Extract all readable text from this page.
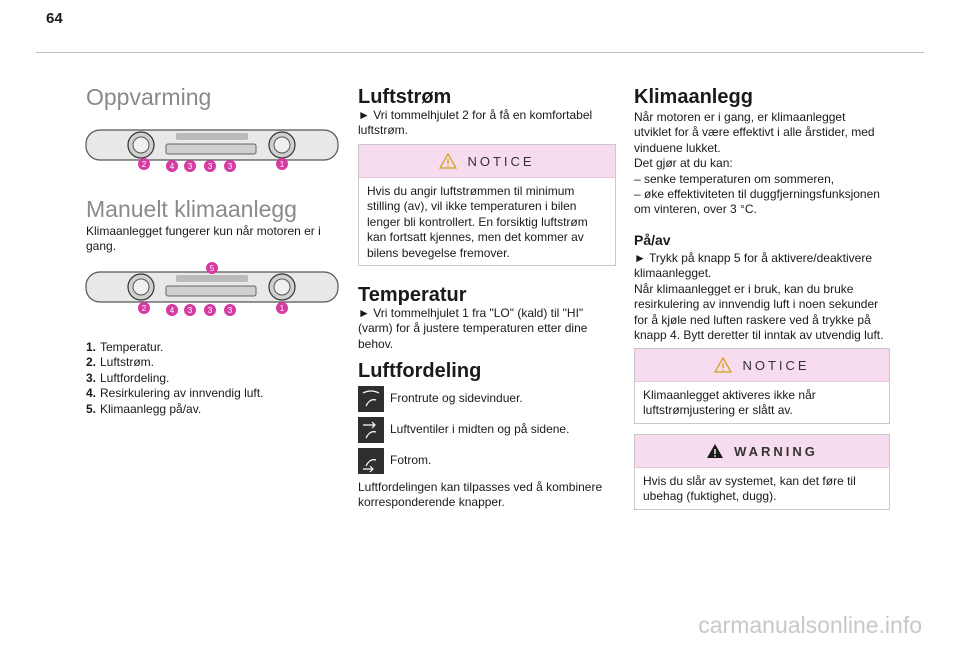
64
Oppvarming
2	4 3 3 3	1
Manuelt klimaanlegg

Klimaanlegget fungerer kun når motoren er i gang.

5
2	4 3 3 3	1
1. Temperatur.
2. Luftstrøm.
3. Luftfordeling.
4. Resirkulering av innvendig luft.
5. Klimaanlegg på/av.
Luftstrøm

► Vri tommelhjulet 2 for å få en komfortabel luftstrøm.

NOTICE
Hvis du angir luftstrømmen til minimum stilling (av), vil ikke temperaturen i bilen lenger bli kontrollert. En forsiktig luftstrøm kan fortsatt kjennes, men det kommer av bilens bevegelse fremover.
Temperatur

► Vri tommelhjulet 1 fra "LO" (kald) til "HI" (varm) for å justere temperaturen etter dine behov.

Luftfordeling
Frontrute og sidevinduer.
Luftventiler i midten og på sidene.
Fotrom.

Luftfordelingen kan tilpasses ved å kombinere korresponderende knapper.

Klimaanlegg

Når motoren er i gang, er klimaanlegget utviklet for å være effektivt i alle årstider, med vinduene lukket.

Det gjør at du kan:

– senke temperaturen om sommeren,

– øke effektiviteten til duggfjerningsfunksjonen om vinteren, over 3 °C.

På/av

► Trykk på knapp 5 for å aktivere/deaktivere klimaanlegget.

Når klimaanlegget er i bruk, kan du bruke resirkulering av innvendig luft i noen sekunder for å kjøle ned luften raskere ved å trykke på knapp 4. Bytt deretter til inntak av utvendig luft.

NOTICE
Klimaanlegget aktiveres ikke når luftstrømjustering er slått av.
WARNING
Hvis du slår av systemet, kan det føre til ubehag (fuktighet, dugg).
carmanualsonline.info
